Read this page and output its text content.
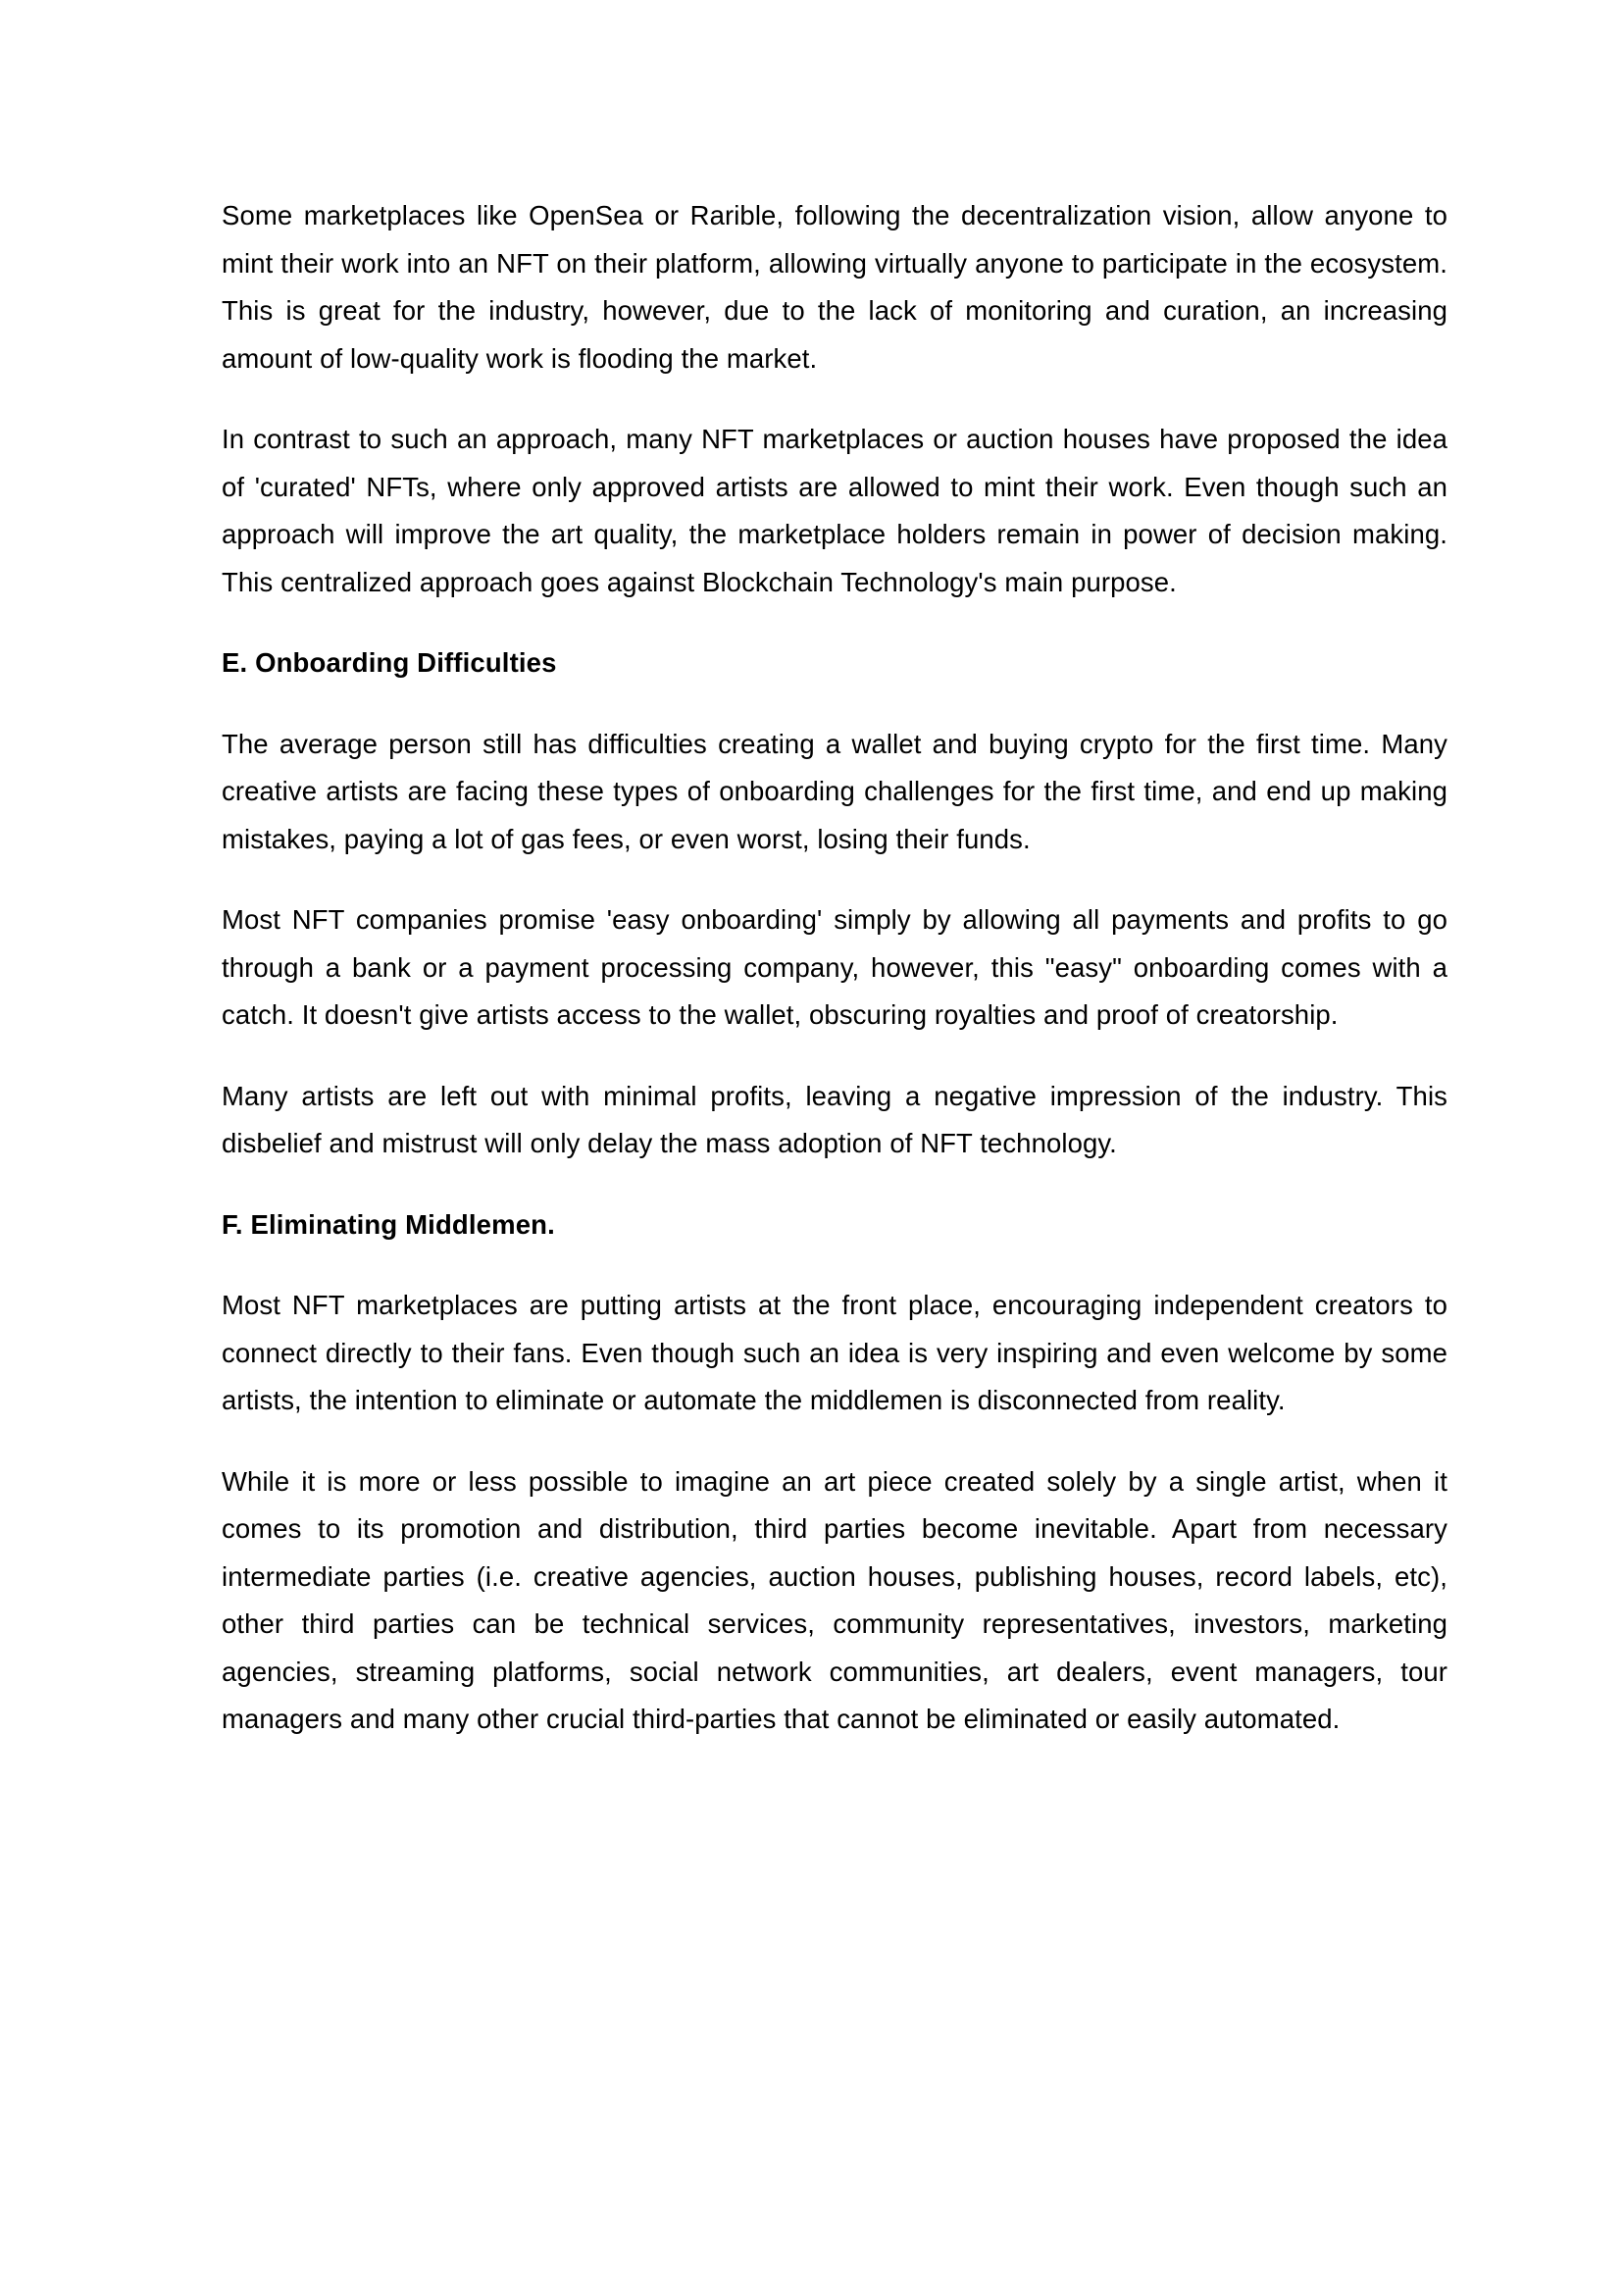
Some marketplaces like OpenSea or Rarible, following the decentralization vision, allow anyone to mint their work into an NFT on their platform, allowing virtually anyone to participate in the ecosystem. This is great for the industry, however, due to the lack of monitoring and curation, an increasing amount of low-quality work is flooding the market.

In contrast to such an approach, many NFT marketplaces or auction houses have proposed the idea of 'curated' NFTs, where only approved artists are allowed to mint their work. Even though such an approach will improve the art quality, the marketplace holders remain in power of decision making. This centralized approach goes against Blockchain Technology's main purpose.

E. Onboarding Difficulties

The average person still has difficulties creating a wallet and buying crypto for the first time. Many creative artists are facing these types of onboarding challenges for the first time, and end up making mistakes, paying a lot of gas fees, or even worst, losing their funds.

Most NFT companies promise 'easy onboarding' simply by allowing all payments and profits to go through a bank or a payment processing company, however, this "easy" onboarding comes with a catch. It doesn't give artists access to the wallet, obscuring royalties and proof of creatorship.

Many artists are left out with minimal profits, leaving a negative impression of the industry. This disbelief and mistrust will only delay the mass adoption of NFT technology.

F. Eliminating Middlemen.

Most NFT marketplaces are putting artists at the front place, encouraging independent creators to connect directly to their fans. Even though such an idea is very inspiring and even welcome by some artists, the intention to eliminate or automate the middlemen is disconnected from reality.

While it is more or less possible to imagine an art piece created solely by a single artist, when it comes to its promotion and distribution, third parties become inevitable. Apart from necessary intermediate parties (i.e. creative agencies, auction houses, publishing houses, record labels, etc), other third parties can be technical services, community representatives, investors, marketing agencies, streaming platforms, social network communities, art dealers, event managers, tour managers and many other crucial third-parties that cannot be eliminated or easily automated.
